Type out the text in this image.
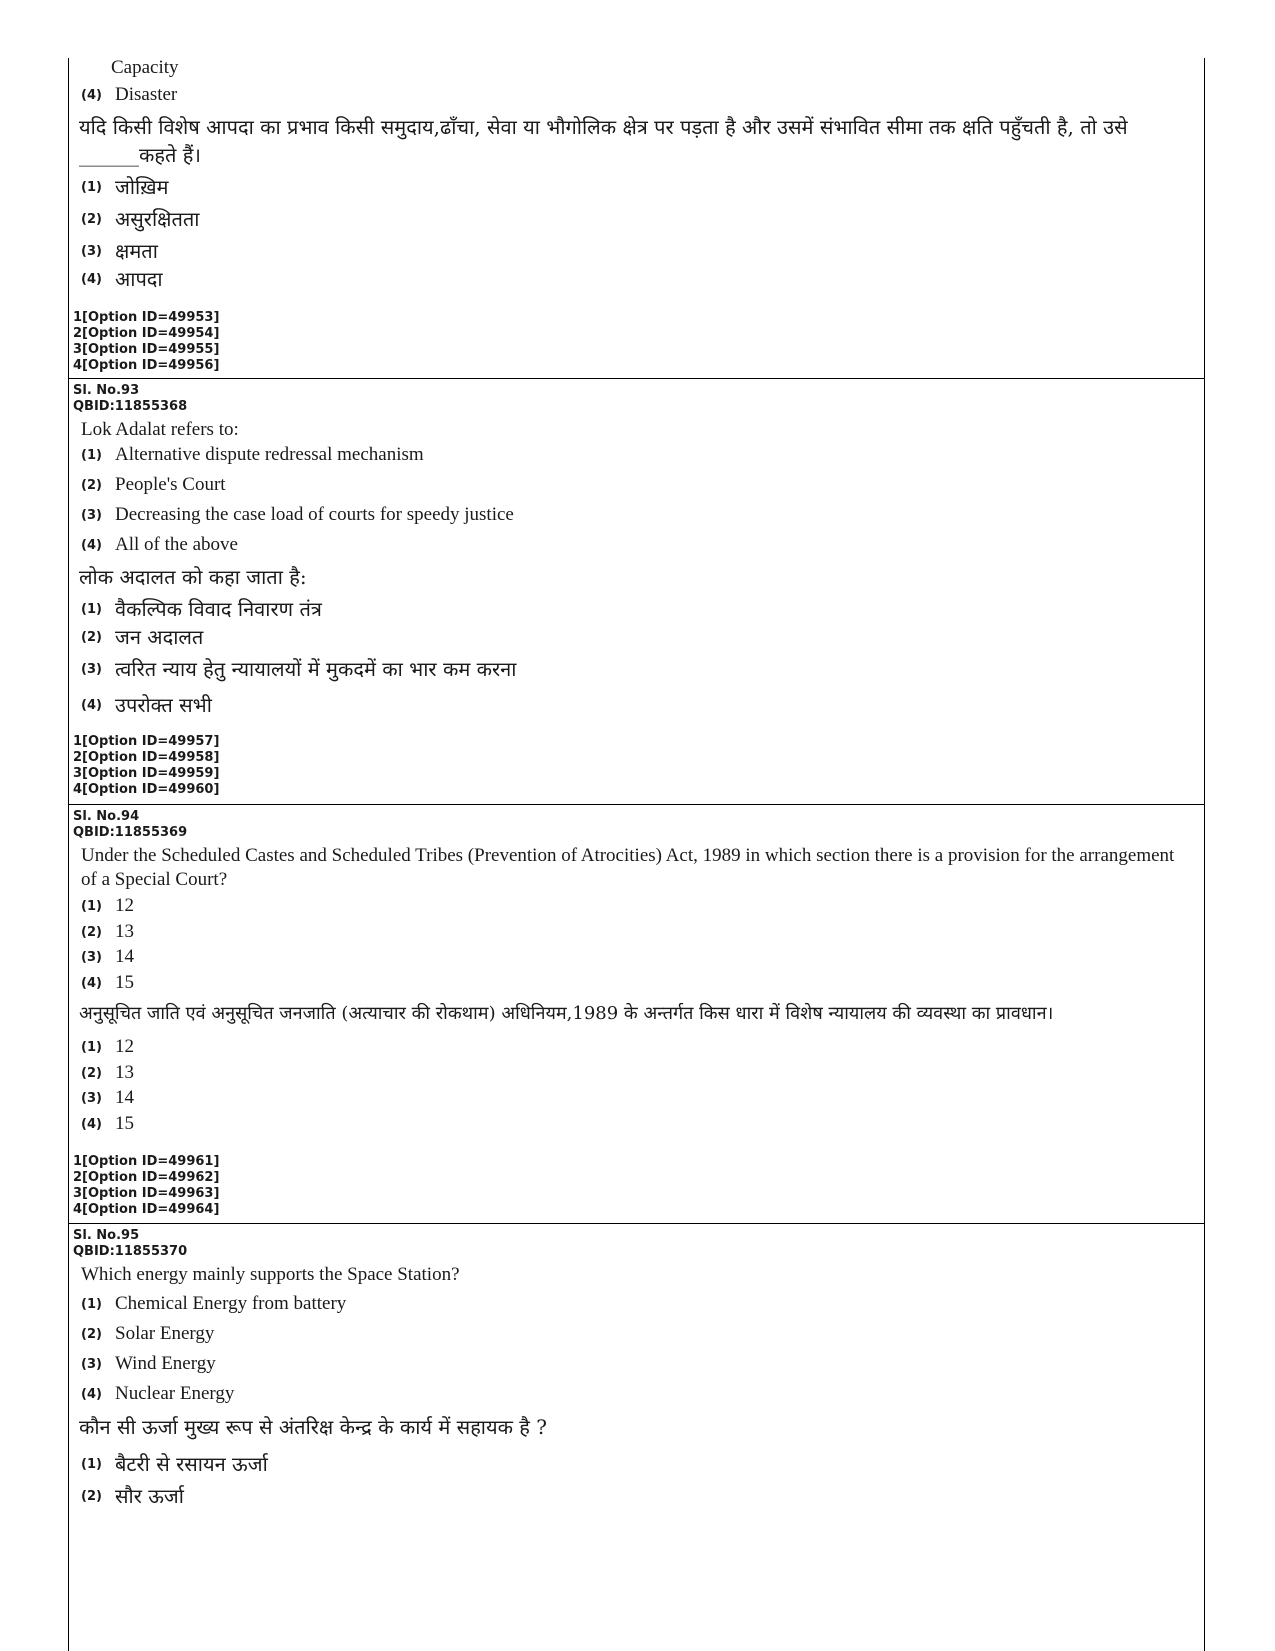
Capacity
(4) Disaster
यदि किसी विशेष आपदा का प्रभाव किसी समुदाय,ढाँचा, सेवा या भौगोलिक क्षेत्र पर पड़ता है और उसमें संभावित सीमा तक क्षति पहुँचती है, तो उसे
______कहते हैं।
(1) जोख़िम
(2) असुरक्षितता
(3) क्षमता
(4) आपदा
1[Option ID=49953]
2[Option ID=49954]
3[Option ID=49955]
4[Option ID=49956]
Sl. No.93
QBID:11855368
Lok Adalat refers to:
(1) Alternative dispute redressal mechanism
(2) People's Court
(3) Decreasing the case load of courts for speedy justice
(4) All of the above
लोक अदालत को कहा जाता है:
(1) वैकल्पिक विवाद निवारण तंत्र
(2) जन अदालत
(3) त्वरित न्याय हेतु न्यायालयों में मुकदमें का भार कम करना
(4) उपरोक्त सभी
1[Option ID=49957]
2[Option ID=49958]
3[Option ID=49959]
4[Option ID=49960]
Sl. No.94
QBID:11855369
Under the Scheduled Castes and Scheduled Tribes (Prevention of Atrocities) Act, 1989 in which section there is a provision for the arrangement of a Special Court?
(1) 12
(2) 13
(3) 14
(4) 15
अनुसूचित जाति एवं अनुसूचित जनजाति (अत्याचार की रोकथाम) अधिनियम,1989 के अन्तर्गत किस धारा में विशेष न्यायालय की व्यवस्था का प्रावधान।
(1) 12
(2) 13
(3) 14
(4) 15
1[Option ID=49961]
2[Option ID=49962]
3[Option ID=49963]
4[Option ID=49964]
Sl. No.95
QBID:11855370
Which energy mainly supports the Space Station?
(1) Chemical Energy from battery
(2) Solar Energy
(3) Wind Energy
(4) Nuclear Energy
कौन सी ऊर्जा मुख्य रूप से अंतरिक्ष केन्द्र के कार्य में सहायक है ?
(1) बैटरी से रसायन ऊर्जा
(2) सौर ऊर्जा
